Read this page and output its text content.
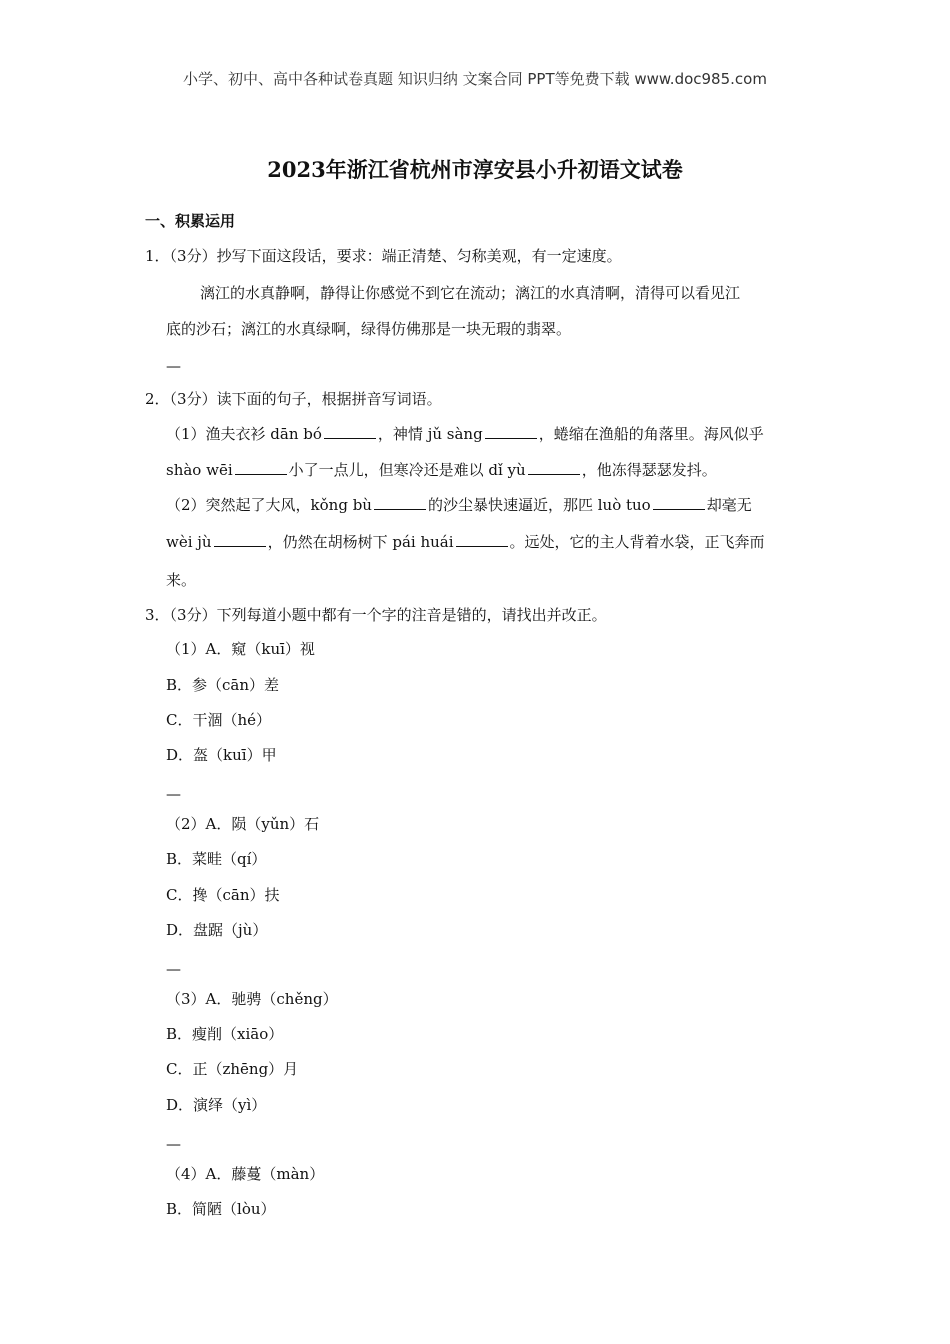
小学、初中、高中各种试卷真题 知识归纳 文案合同 PPT等免费下载 www.doc985.com
2023年浙江省杭州市淳安县小升初语文试卷
一、积累运用
1．（3分）抄写下面这段话，要求：端正清楚、匀称美观，有一定速度。
漓江的水真静啊，静得让你感觉不到它在流动；漓江的水真清啊，清得可以看见江
底的沙石；漓江的水真绿啊，绿得仿佛那是一块无瑕的翡翠。
—
2．（3分）读下面的句子，根据拼音写词语。
（1）渔夫衣衫 dān bó	，神情 jǔ sàng	，蜷缩在渔船的角落里。海风似乎
shào wēi	小了一点儿，但寒冷还是难以 dǐ yù	，他冻得瑟瑟发抖。
（2）突然起了大风，kǒng bù	的沙尘暴快速逼近，那匹 luò tuo	却毫无
wèi jù	，仍然在胡杨树下 pái huái	。远处，它的主人背着水袋，正飞奔而
来。
3．（3分）下列每道小题中都有一个字的注音是错的，请找出并改正。
（1）A．窥（kuī）视
B．参（cān）差
C．干涸（hé）
D．盔（kuī）甲
—
（2）A．陨（yǔn）石
B．菜畦（qí）
C．搀（cān）扶
D．盘踞（jù）
—
（3）A．驰骋（chěng）
B．瘦削（xiāo）
C．正（zhēng）月
D．演绎（yì）
—
（4）A．藤蔓（màn）
B．简陋（lòu）
